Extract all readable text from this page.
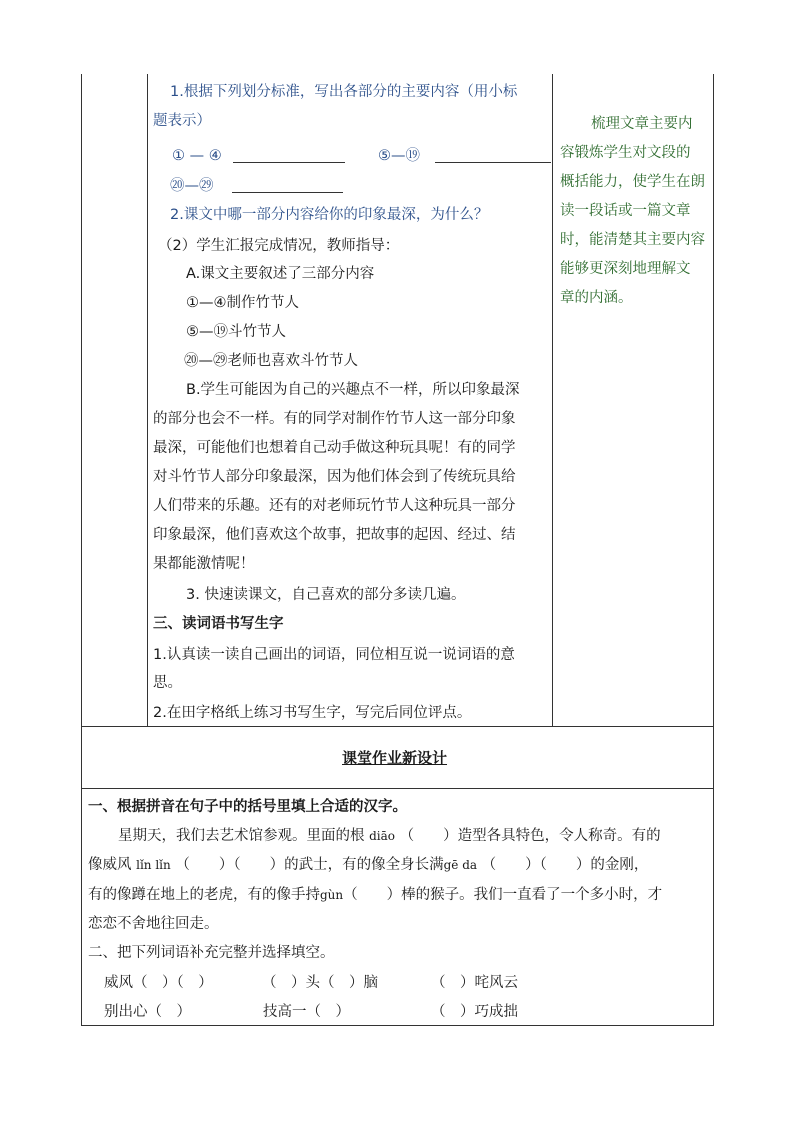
1.根据下列划分标准，写出各部分的主要内容（用小标
题表示）
① — ④	⑤—⑲
⑳—㉙
2.课文中哪一部分内容给你的印象最深，为什么？
（2）学生汇报完成情况，教师指导：
A.课文主要叙述了三部分内容
①—④制作竹节人
⑤—⑲斗竹节人
⑳—㉙老师也喜欢斗竹节人
B.学生可能因为自己的兴趣点不一样，所以印象最深
的部分也会不一样。有的同学对制作竹节人这一部分印象
最深，可能他们也想着自己动手做这种玩具呢！有的同学
对斗竹节人部分印象最深，因为他们体会到了传统玩具给
人们带来的乐趣。还有的对老师玩竹节人这种玩具一部分
印象最深，他们喜欢这个故事，把故事的起因、经过、结
果都能激情呢！
3. 快速读课文，自己喜欢的部分多读几遍。
三、读词语书写生字
1.认真读一读自己画出的词语，同位相互说一说词语的意
思。
2.在田字格纸上练习书写生字，写完后同位评点。
梳理文章主要内
容锻炼学生对文段的
概括能力，使学生在朗
读一段话或一篇文章
时，能清楚其主要内容
能够更深刻地理解文
章的内涵。
课堂作业新设计
一、根据拼音在句子中的括号里填上合适的汉字。
星期天，我们去艺术馆参观。里面的根 diāo （　　）造型各具特色，令人称奇。有的
像威风 lǐn lǐn （　　）（　　）的武士，有的像全身长满gē da （　　）（　　）的金刚，
有的像蹲在地上的老虎，有的像手持gùn（　　）棒的猴子。我们一直看了一个多小时，才
恋恋不舍地往回走。
二、把下列词语补充完整并选择填空。
威风（　）（　）	（　）头（　）脑	（　）咤风云
别出心（　）	技高一（　）	（　）巧成拙
